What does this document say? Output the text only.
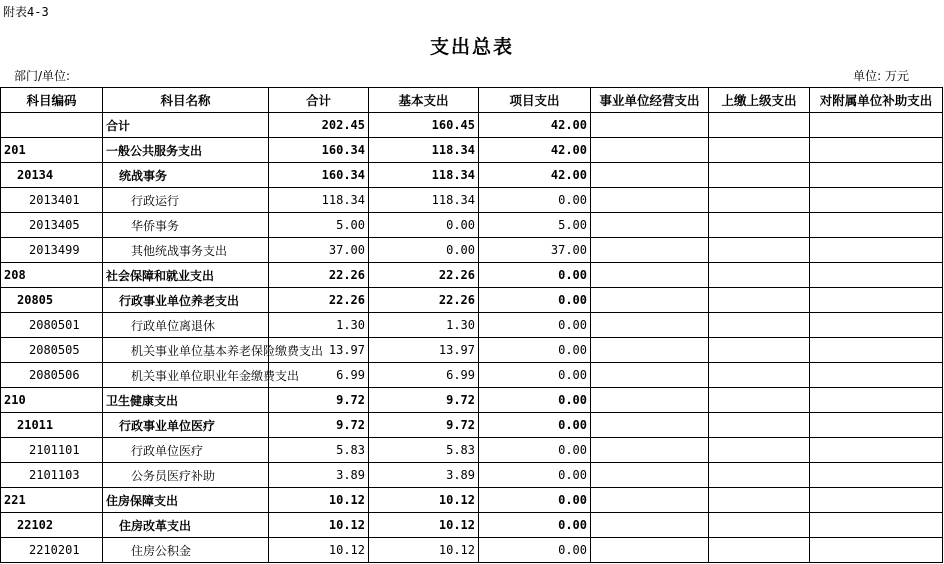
附表4-3
支出总表
部门/单位:	单位: 万元
科目编码	科目名称	合计	基本支出	项目支出	事业单位经营支出	上缴上级支出	对附属单位补助支出
	合计	202.45	160.45	42.00			
201	一般公共服务支出	160.34	118.34	42.00			
20134	统战事务	160.34	118.34	42.00			
2013401	行政运行	118.34	118.34	0.00			
2013405	华侨事务	5.00	0.00	5.00			
2013499	其他统战事务支出	37.00	0.00	37.00			
208	社会保障和就业支出	22.26	22.26	0.00			
20805	行政事业单位养老支出	22.26	22.26	0.00			
2080501	行政单位离退休	1.30	1.30	0.00			
2080505	机关事业单位基本养老保险缴费支出	13.97	13.97	0.00			
2080506	机关事业单位职业年金缴费支出	6.99	6.99	0.00			
210	卫生健康支出	9.72	9.72	0.00			
21011	行政事业单位医疗	9.72	9.72	0.00			
2101101	行政单位医疗	5.83	5.83	0.00			
2101103	公务员医疗补助	3.89	3.89	0.00			
221	住房保障支出	10.12	10.12	0.00			
22102	住房改革支出	10.12	10.12	0.00			
2210201	住房公积金	10.12	10.12	0.00			
